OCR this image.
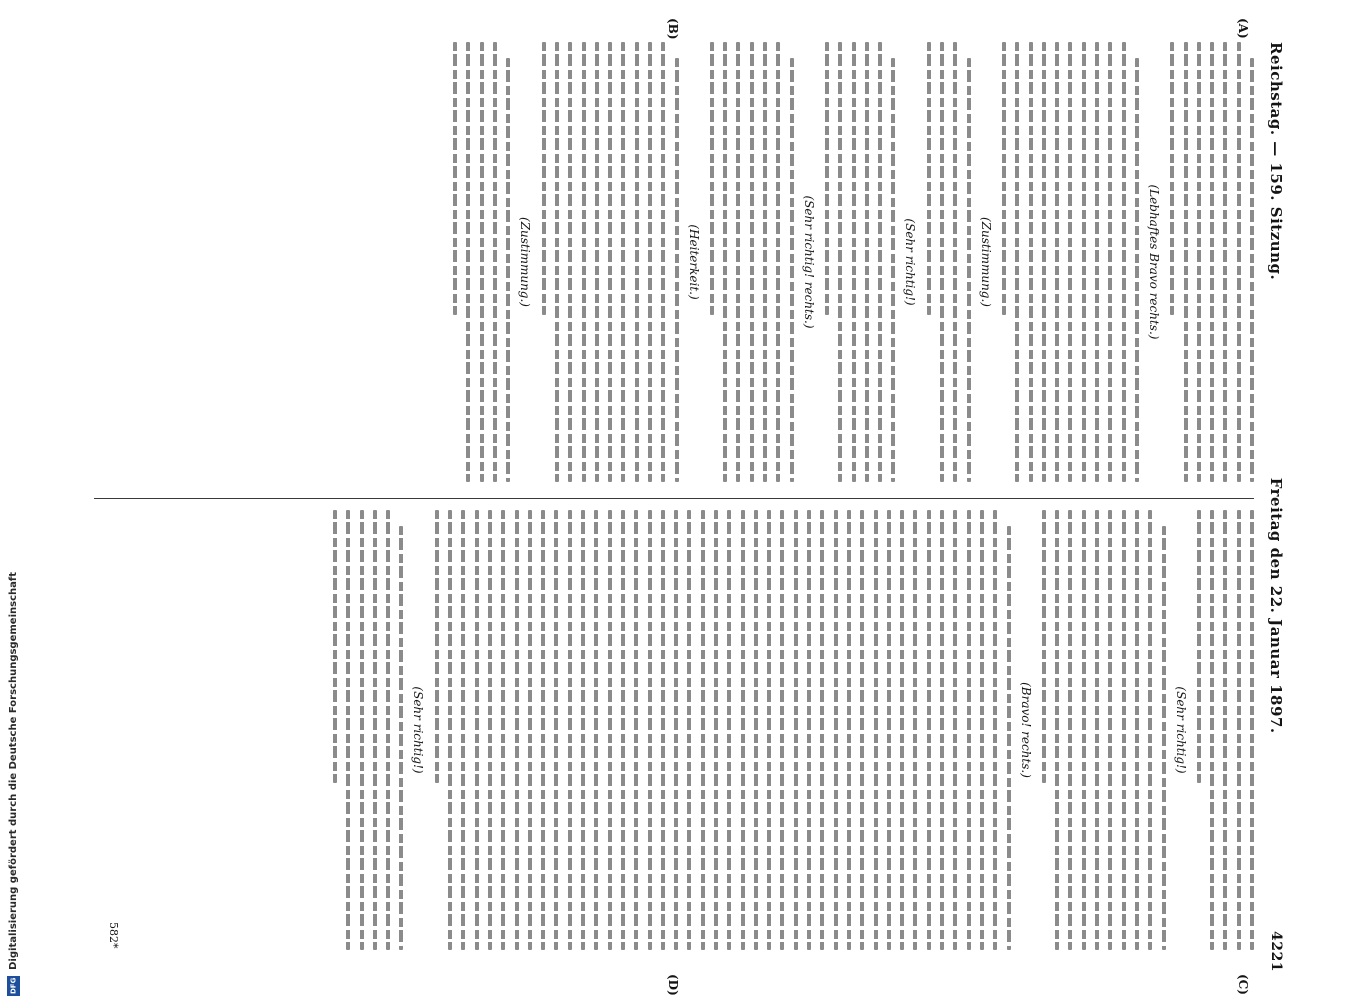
Digitalisierung gefördert durch die Deutsche Forschungsgemeinschaft
DFG
Reichstag. — 159. Sitzung.
Freitag den 22. Januar 1897.
4221
(A)
(B)
(C)
(D)
(Lebhaftes Bravo rechts.)
(Zustimmung.)
(Sehr richtig!)
(Sehr richtig! rechts.)
(Heiterkeit.)
(Zustimmung.)
(Sehr richtig!)
(Bravo! rechts.)
(Sehr richtig!)
582*
